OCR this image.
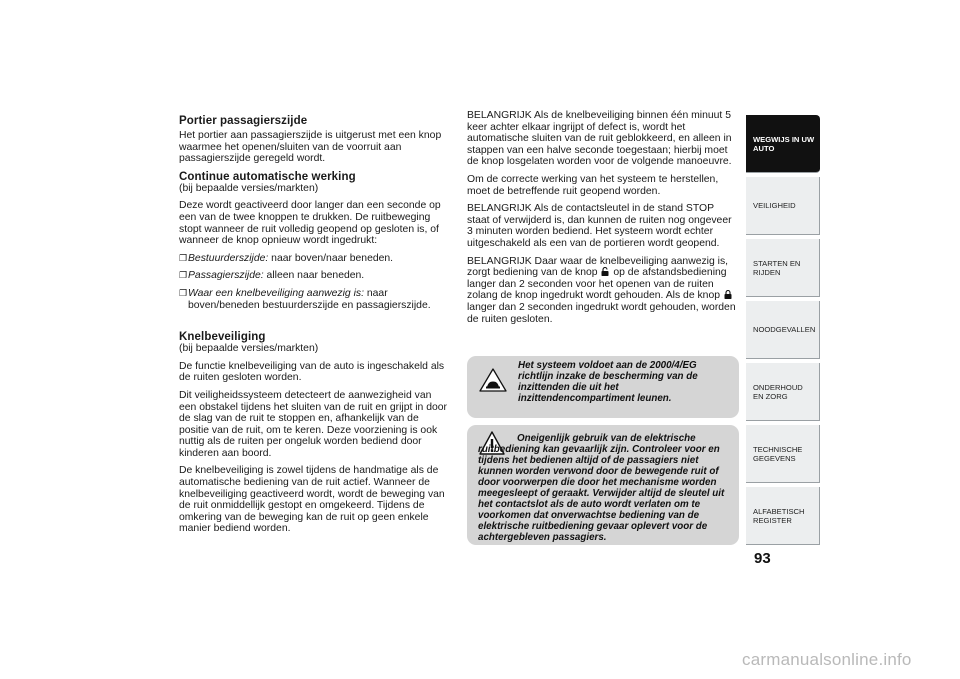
Portier passagierszijde

Het portier aan passagierszijde is uitgerust met een knop waarmee het openen/sluiten van de voorruit aan passagierszijde geregeld wordt.

Continue automatische werking

(bij bepaalde versies/markten)

Deze wordt geactiveerd door langer dan een seconde op een van de twee knoppen te drukken. De ruitbeweging stopt wanneer de ruit volledig geopend op gesloten is, of wanneer de knop opnieuw wordt ingedrukt:

❐Bestuurderszijde: naar boven/naar beneden.

❐Passagierszijde: alleen naar beneden.

❐Waar een knelbeveiliging aanwezig is: naar boven/beneden bestuurderszijde en passagierszijde.

Knelbeveiliging

(bij bepaalde versies/markten)

De functie knelbeveiliging van de auto is ingeschakeld als de ruiten gesloten worden.

Dit veiligheidssysteem detecteert de aanwezigheid van een obstakel tijdens het sluiten van de ruit en grijpt in door de slag van de ruit te stoppen en, afhankelijk van de positie van de ruit, om te keren. Deze voorziening is ook nuttig als de ruiten per ongeluk worden bediend door kinderen aan boord.

De knelbeveiliging is zowel tijdens de handmatige als de automatische bediening van de ruit actief. Wanneer de knelbeveiliging geactiveerd wordt, wordt de beweging van de ruit onmiddellijk gestopt en omgekeerd. Tijdens de omkering van de beweging kan de ruit op geen enkele manier bediend worden.

BELANGRIJK Als de knelbeveiliging binnen één minuut 5 keer achter elkaar ingrijpt of defect is, wordt het automatische sluiten van de ruit geblokkeerd, en alleen in stappen van een halve seconde toegestaan; hierbij moet de knop losgelaten worden voor de volgende manoeuvre.

Om de correcte werking van het systeem te herstellen, moet de betreffende ruit geopend worden.

BELANGRIJK Als de contactsleutel in de stand STOP staat of verwijderd is, dan kunnen de ruiten nog ongeveer 3 minuten worden bediend. Het systeem wordt echter uitgeschakeld als een van de portieren wordt geopend.

BELANGRIJK Daar waar de knelbeveiliging aanwezig is, zorgt bediening van de knop  op de afstandsbediening langer dan 2 seconden voor het openen van de ruiten zolang de knop ingedrukt wordt gehouden. Als de knop  langer dan 2 seconden ingedrukt wordt gehouden, worden de ruiten gesloten.

Het systeem voldoet aan de 2000/4/EG richtlijn inzake de bescherming van de inzittenden die uit het inzittendencompartiment leunen.
Oneigenlijk gebruik van de elektrische ruitbediening kan gevaarlijk zijn. Controleer voor en tijdens het bedienen altijd of de passagiers niet kunnen worden verwond door de bewegende ruit of door voorwerpen die door het mechanisme worden meegesleept of geraakt. Verwijder altijd de sleutel uit het contactslot als de auto wordt verlaten om te voorkomen dat onverwachtse bediening van de elektrische ruitbediening gevaar oplevert voor de achtergebleven passagiers.
WEGWIJS IN UW AUTO
VEILIGHEID
STARTEN EN RIJDEN
NOODGEVALLEN
ONDERHOUD EN ZORG
TECHNISCHE GEGEVENS
ALFABETISCH REGISTER
93
carmanualsonline.info
